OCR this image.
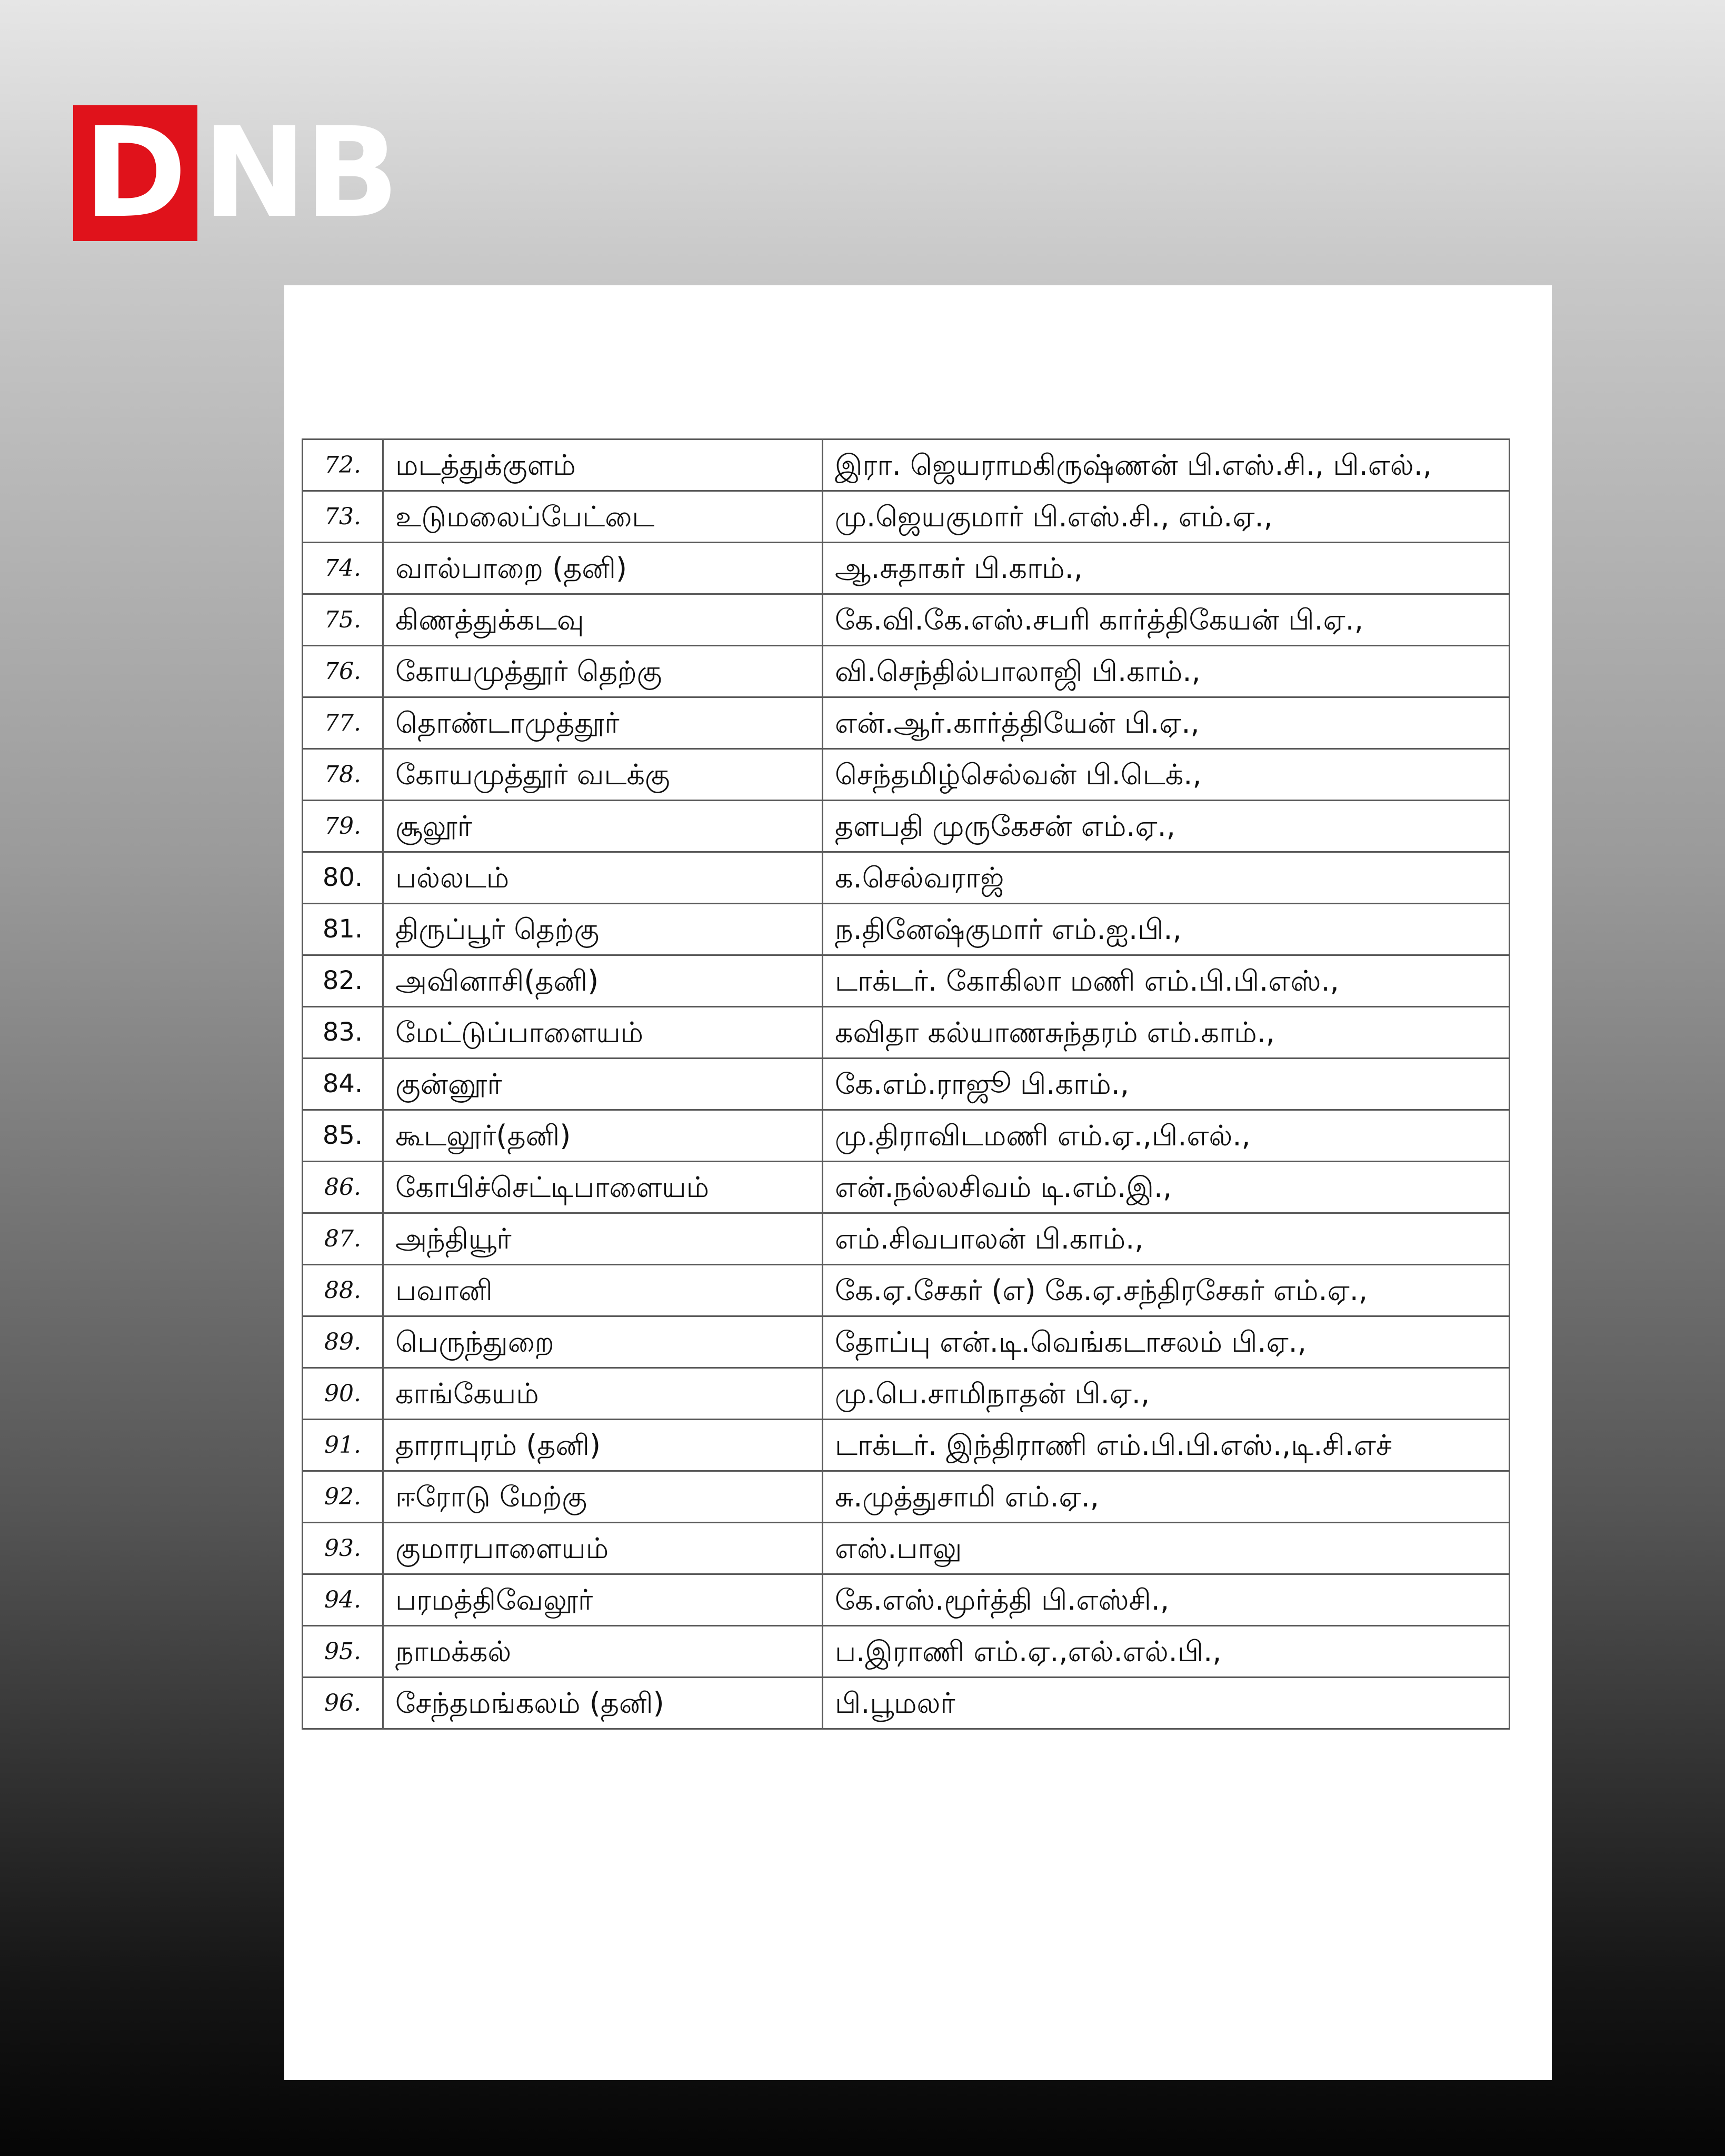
D NB
72.	மடத்துக்குளம்	இரா. ஜெயராமகிருஷ்ணன் பி.எஸ்.சி., பி.எல்.,
73.	உடுமலைப்பேட்டை	மு.ஜெயகுமார் பி.எஸ்.சி., எம்.ஏ.,
74.	வால்பாறை (தனி)	ஆ.சுதாகர் பி.காம்.,
75.	கிணத்துக்கடவு	கே.வி.கே.எஸ்.சபரி கார்த்திகேயன் பி.ஏ.,
76.	கோயமுத்தூர் தெற்கு	வி.செந்தில்பாலாஜி பி.காம்.,
77.	தொண்டாமுத்தூர்	என்.ஆர்.கார்த்தியேன் பி.ஏ.,
78.	கோயமுத்தூர் வடக்கு	செந்தமிழ்செல்வன் பி.டெக்.,
79.	சூலூர்	தளபதி முருகேசன் எம்.ஏ.,
80.	பல்லடம்	க.செல்வராஜ்
81.	திருப்பூர் தெற்கு	ந.தினேஷ்குமார் எம்.ஐ.பி.,
82.	அவினாசி(தனி)	டாக்டர். கோகிலா மணி எம்.பி.பி.எஸ்.,
83.	மேட்டுப்பாளையம்	கவிதா கல்யாணசுந்தரம் எம்.காம்.,
84.	குன்னூர்	கே.எம்.ராஜூ பி.காம்.,
85.	கூடலூர்(தனி)	மு.திராவிடமணி எம்.ஏ.,பி.எல்.,
86.	கோபிச்செட்டிபாளையம்	என்.நல்லசிவம் டி.எம்.இ.,
87.	அந்தியூர்	எம்.சிவபாலன் பி.காம்.,
88.	பவானி	கே.ஏ.சேகர் (எ) கே.ஏ.சந்திரசேகர் எம்.ஏ.,
89.	பெருந்துறை	தோப்பு என்.டி.வெங்கடாசலம் பி.ஏ.,
90.	காங்கேயம்	மு.பெ.சாமிநாதன் பி.ஏ.,
91.	தாராபுரம் (தனி)	டாக்டர். இந்திராணி எம்.பி.பி.எஸ்.,டி.சி.எச்
92.	ஈரோடு மேற்கு	சு.முத்துசாமி எம்.ஏ.,
93.	குமாரபாளையம்	எஸ்.பாலு
94.	பரமத்திவேலூர்	கே.எஸ்.மூர்த்தி பி.எஸ்சி.,
95.	நாமக்கல்	ப.இராணி எம்.ஏ.,எல்.எல்.பி.,
96.	சேந்தமங்கலம் (தனி)	பி.பூமலர்
